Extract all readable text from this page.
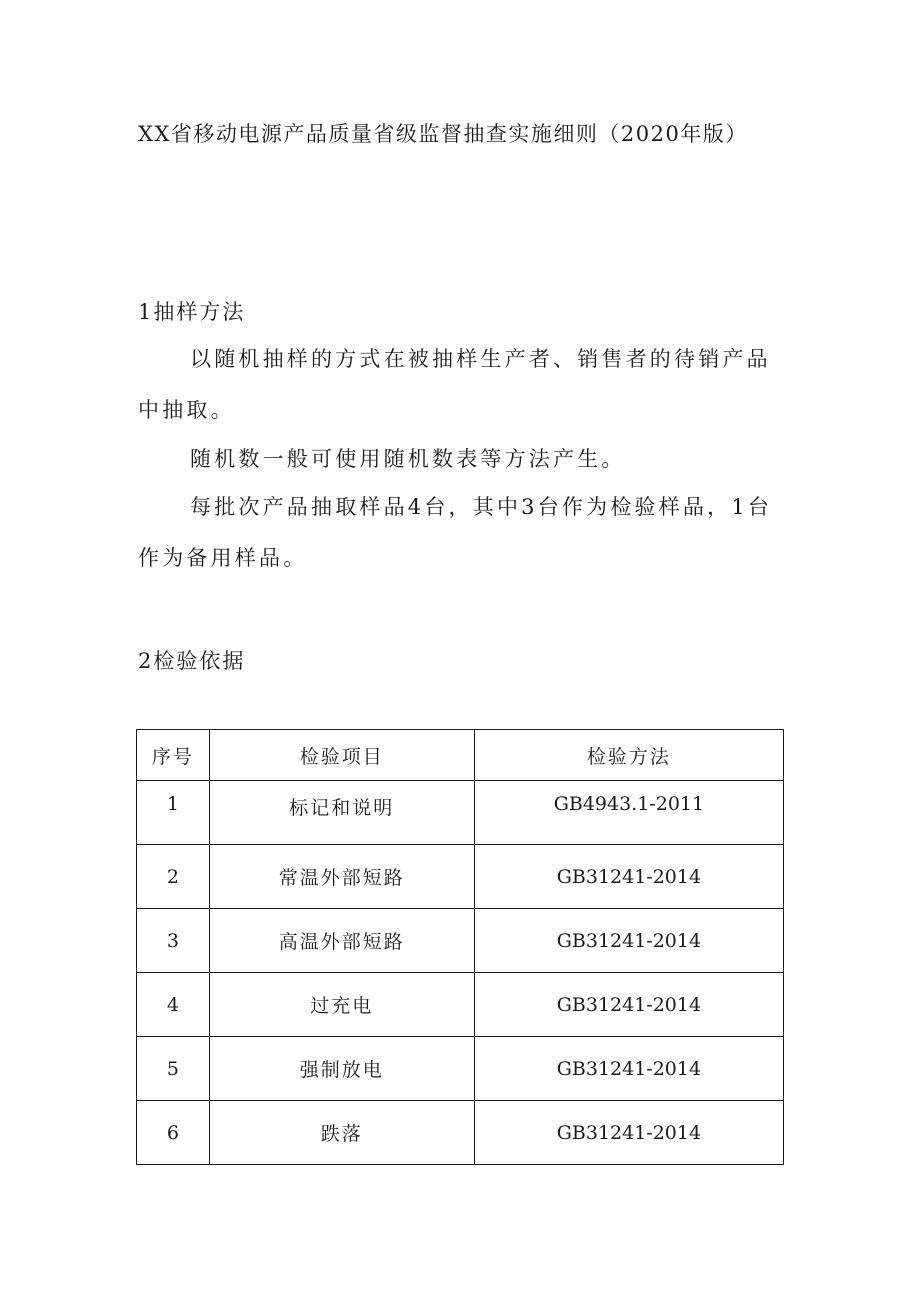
XX省移动电源产品质量省级监督抽查实施细则（2020年版）
1抽样方法

以随机抽样的方式在被抽样生产者、销售者的待销产品中抽取。

随机数一般可使用随机数表等方法产生。

每批次产品抽取样品4台，其中3台作为检验样品，1台作为备用样品。

2检验依据
序号	检验项目	检验方法
1	标记和说明	GB4943.1-2011
2	常温外部短路	GB31241-2014
3	高温外部短路	GB31241-2014
4	过充电	GB31241-2014
5	强制放电	GB31241-2014
6	跌落	GB31241-2014
